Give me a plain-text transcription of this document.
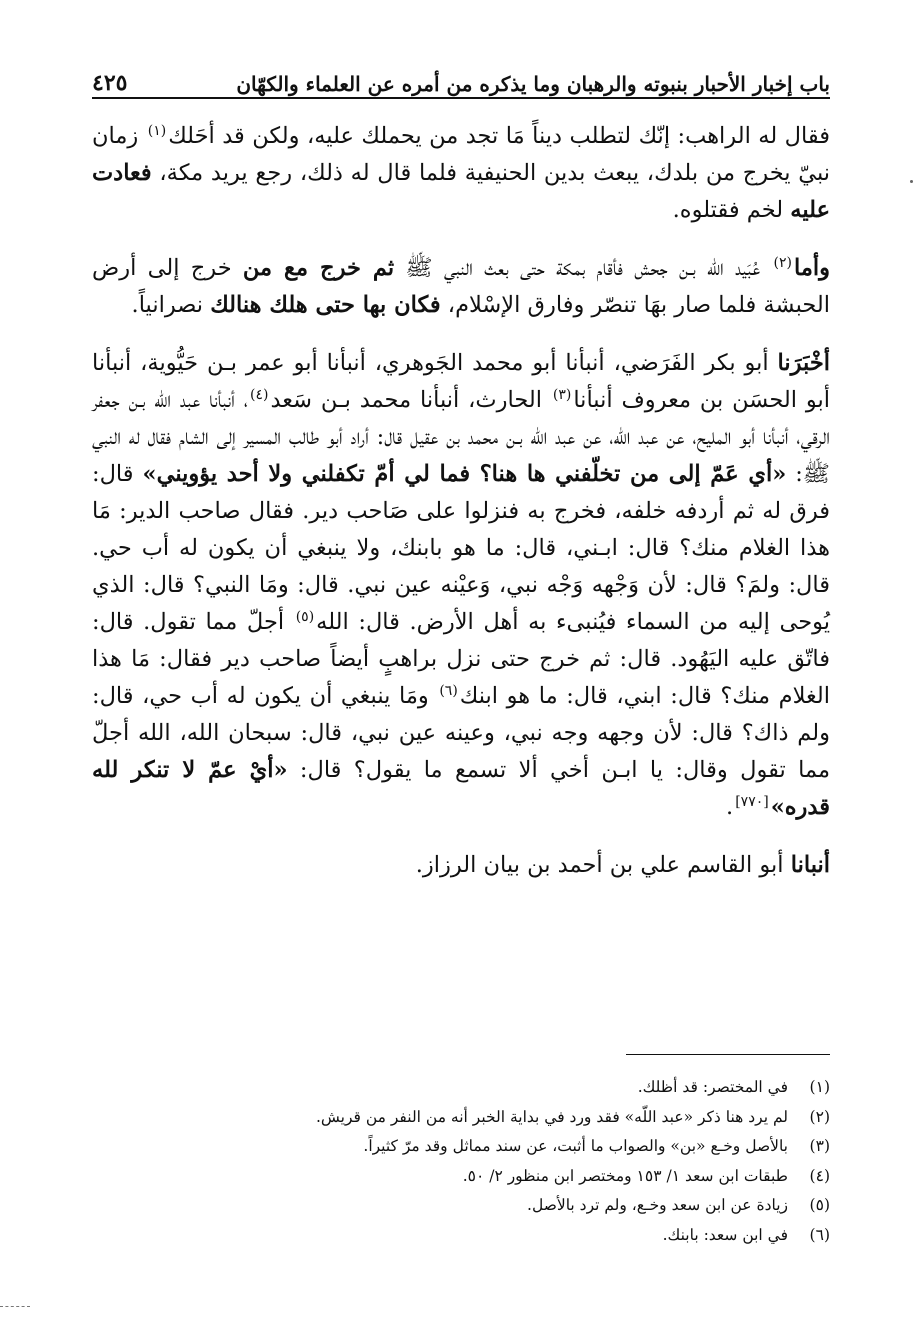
باب إخبار الأحبار بنبوته والرهبان وما يذكره من أمره عن العلماء والكهّان
٤٢٥

فقال له الراهب: إنّك لتطلب ديناً مَا تجد من يحملك عليه، ولكن قد أحَلك$^{(١)}$ زمان نبيّ يخرج من بلدك، يبعث بدين الحنيفية فلما قال له ذلك، رجع يريد مكة، فعادت عليه لخم فقتلوه.

وأما$^{(٢)}$ عُبَيد الله بـن جحش فأقام بمكة حتى بعث النبي ﷺ ثم خرج مع من خرج إلى أرض الحبشة فلما صار بهَا تنصّر وفارق الإسْلام، فكان بها حتى هلك هنالك نصرانياً.

أخْبَرَنا أبو بكر الفَرَضي، أنبأنا أبو محمد الجَوهري، أنبأنا أبو عمر بـن حَيُّوية، أنبأنا أبو الحسَن بن معروف أنبأنا$^{(٣)}$ الحارث، أنبأنا محمد بـن سَعد$^{(٤)}$، أنبأنا عبد اللّه بـن جعفر الرقي، أنبأنا أبو المليح، عن عبد الله، عن عبد اللّه بـن محمد بن عقيل قال: أراد أبو طالب المسير إلى الشام فقال له النبي ﷺ: «أي عَمّ إلى من تخلّفني ها هنا؟ فما لي أمّ تكفلني ولا أحد يؤويني» قال: فرق له ثم أردفه خلفه، فخرج به فنزلوا على صَاحب دير. فقال صاحب الدير: مَا هذا الغلام منك؟ قال: ابـني، قال: ما هو بابنك، ولا ينبغي أن يكون له أب حي. قال: ولمَ؟ قال: لأن وَجْهه وَجْه نبي، وَعيْنه عين نبي. قال: ومَا النبي؟ قال: الذي يُوحى إليه من السماء فيُنبىء به أهل الأرض. قال: الله$^{(٥)}$ أجلّ مما تقول. قال: فاتّق عليه اليَهُود. قال: ثم خرج حتى نزل براهبٍ أيضاً صاحب دير فقال: مَا هذا الغلام منك؟ قال: ابني، قال: ما هو ابنك$^{(٦)}$ ومَا ينبغي أن يكون له أب حي، قال: ولم ذاك؟ قال: لأن وجهه وجه نبي، وعينه عين نبي، قال: سبحان الله، الله أجلّ مما تقول وقال: يا ابـن أخي ألا تسمع ما يقول؟ قال: «أيْ عمّ لا تنكر لله قدره»[٧٧٠].

أنبانا أبو القاسم علي بن أحمد بن بيان الرزاز.

(١)
في المختصر: قد أظلك.
(٢)
لم يرد هنا ذكر «عبد اللّه» فقد ورد في بداية الخبر أنه من النفر من قريش.
(٣)
بالأصل وخـع «بن» والصواب ما أثبت، عن سند مماثل وقد مرّ كثيراً.
(٤)
طبقات ابن سعد ١/ ١٥٣ ومختصر ابن منظور ٢/ ٥٠.
(٥)
زيادة عن ابن سعد وخـع، ولم ترد بالأصل.
(٦)
في ابن سعد: بابنك.
